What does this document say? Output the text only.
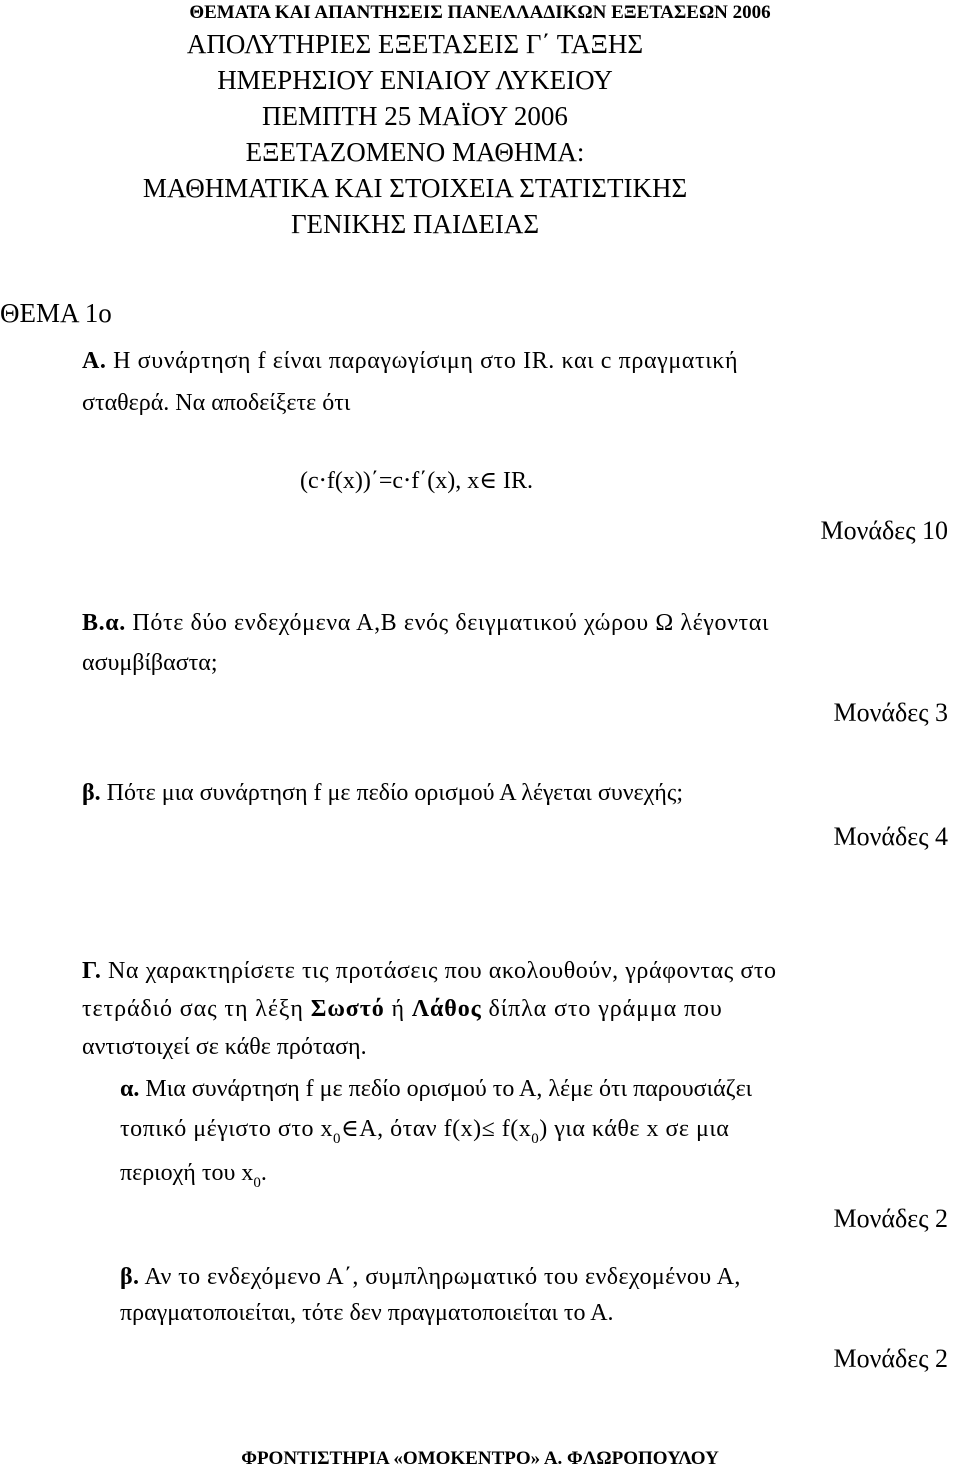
ΘΕΜΑΤΑ ΚΑΙ ΑΠΑΝΤΗΣΕΙΣ ΠΑΝΕΛΛΑΔΙΚΩΝ ΕΞΕΤΑΣΕΩΝ 2006
ΑΠΟΛΥΤΗΡΙΕΣ ΕΞΕΤΑΣΕΙΣ Γ΄ ΤΑΞΗΣ
ΗΜΕΡΗΣΙΟΥ ΕΝΙΑΙΟΥ ΛΥΚΕΙΟΥ
ΠΕΜΠΤΗ 25 ΜΑΪΟΥ 2006
ΕΞΕΤΑΖΟΜΕΝΟ ΜΑΘΗΜΑ:
ΜΑΘΗΜΑΤΙΚΑ ΚΑΙ ΣΤΟΙΧΕΙΑ ΣΤΑΤΙΣΤΙΚΗΣ
ΓΕΝΙΚΗΣ ΠΑΙΔΕΙΑΣ
ΘΕΜΑ 1ο
Α. Η συνάρτηση f είναι παραγωγίσιμη στο IR. και c πραγματική
σταθερά. Να αποδείξετε ότι
(c⋅f(x))΄=c⋅f΄(x), x∈ IR.
Μονάδες 10
Β.α. Πότε δύο ενδεχόμενα Α,Β ενός δειγματικού χώρου Ω λέγονται
ασυμβίβαστα;
Μονάδες 3
β. Πότε μια συνάρτηση f με πεδίο ορισμού Α λέγεται συνεχής;
Μονάδες 4
Γ. Να χαρακτηρίσετε τις προτάσεις που ακολουθούν, γράφοντας στο
τετράδιό σας τη λέξη Σωστό ή Λάθος δίπλα στο γράμμα που
αντιστοιχεί σε κάθε πρόταση.
α. Μια συνάρτηση f με πεδίο ορισμού το Α, λέμε ότι παρουσιάζει
τοπικό μέγιστο στο $x_0\in A$, όταν $f(x)\le f(x_0)$ για κάθε x σε μια
περιοχή του $x_0$.
Μονάδες 2
β. Αν το ενδεχόμενο Α΄, συμπληρωματικό του ενδεχομένου Α,
πραγματοποιείται, τότε δεν πραγματοποιείται το Α.
Μονάδες 2
ΦΡΟΝΤΙΣΤΗΡΙΑ «ΟΜΟΚΕΝΤΡΟ» Α. ΦΛΩΡΟΠΟΥΛΟΥ
